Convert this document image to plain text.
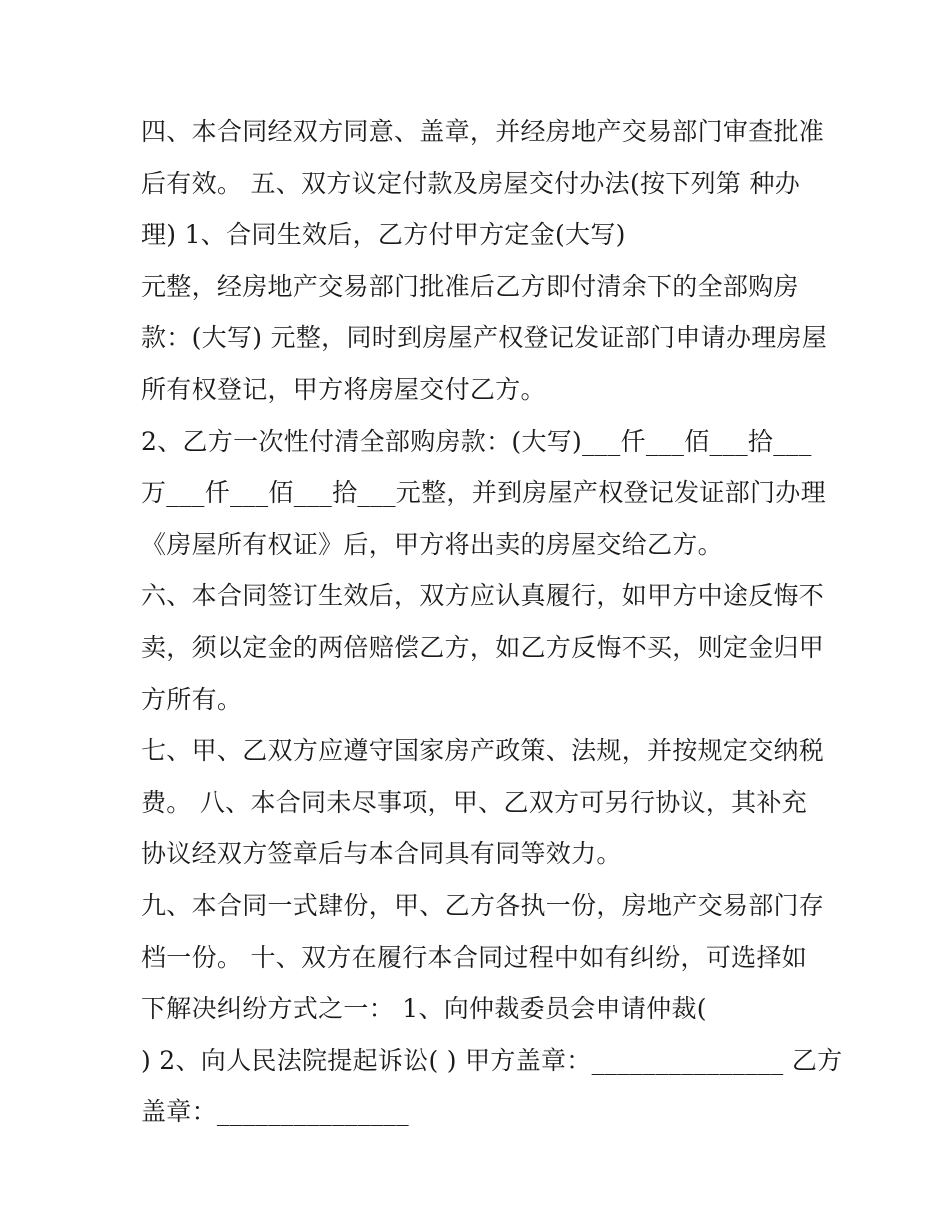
四、本合同经双方同意、盖章，并经房地产交易部门审查批准
后有效。 五、双方议定付款及房屋交付办法(按下列第 种办
理) 1、合同生效后，乙方付甲方定金(大写)
元整，经房地产交易部门批准后乙方即付清余下的全部购房
款：(大写) 元整，同时到房屋产权登记发证部门申请办理房屋
所有权登记，甲方将房屋交付乙方。
2、乙方一次性付清全部购房款：(大写)___仟___佰___拾___
万___仟___佰___拾___元整，并到房屋产权登记发证部门办理
《房屋所有权证》后，甲方将出卖的房屋交给乙方。
六、本合同签订生效后，双方应认真履行，如甲方中途反悔不
卖，须以定金的两倍赔偿乙方，如乙方反悔不买，则定金归甲
方所有。
七、甲、乙双方应遵守国家房产政策、法规，并按规定交纳税
费。 八、本合同未尽事项，甲、乙双方可另行协议，其补充
协议经双方签章后与本合同具有同等效力。
九、本合同一式肆份，甲、乙方各执一份，房地产交易部门存
档一份。 十、双方在履行本合同过程中如有纠纷，可选择如
下解决纠纷方式之一： 1、向仲裁委员会申请仲裁(
) 2、向人民法院提起诉讼( ) 甲方盖章：_______________ 乙方
盖章：_______________
